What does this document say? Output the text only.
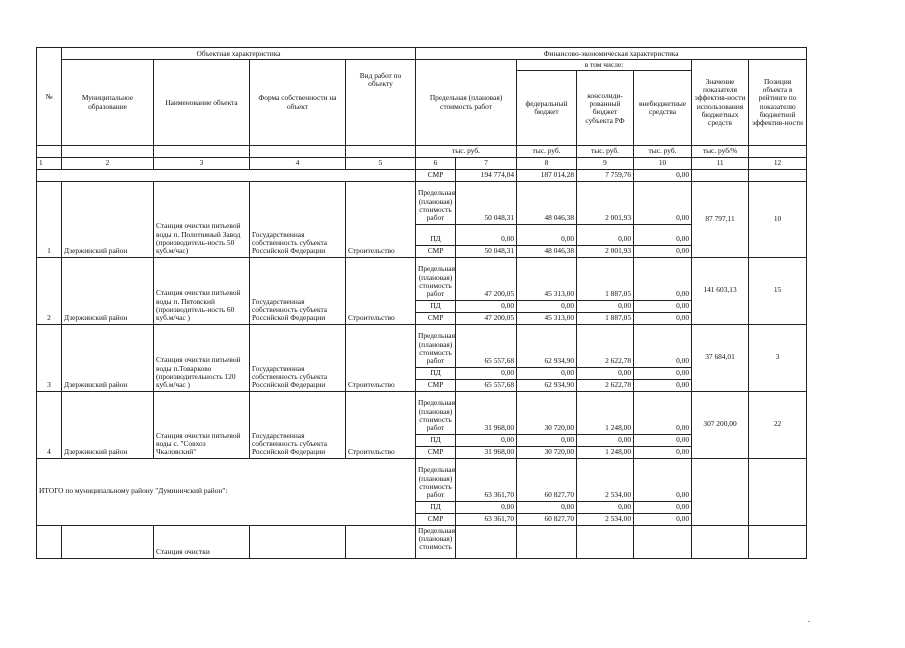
№	Объектная характеристика				Финансово-экономическая характеристика						
	Муниципальное образование	Наименование объекта	Форма собственности на объект	Вид работ по объекту	Предельная (плановая) стоимость работ		в том числе:			Значение показателя эффектив-ности использования бюджетных средств	Позиция объекта в рейтинге по показателю бюджетной эффектив-ности
							федеральный бюджет	консолиди-рованный бюджет субъекта РФ	внебюджетные средства		
					тыс. руб.		тыс. руб.	тыс. руб.	тыс. руб.	тыс. руб/%	
1	2	3	4	5	6	7	8	9	10	11	12
					СМР	194 774,04	187 014,28	7 759,76	0,00		
1	Дзержинский район	Станция очистки питьевой воды п. Полотняный Завод (производитель-ность 50 куб.м/час)	Государственная собственность субъекта Российской Федерации	Строительство	Предельная (плановая) стоимость работ	50 048,31	48 046,38	2 001,93	0,00	87 797,11	10
					ПД	0,00	0,00	0,00	0,00		
					СМР	50 048,31	48 046,38	2 001,93	0,00		
2	Дзержинский район	Станция очистки питьевой воды п. Пятовский (производитель-ность 60 куб.м/час )	Государственная собственность субъекта Российской Федерации	Строительство	Предельная (плановая) стоимость работ	47 200,05	45 313,00	1 887,05	0,00	141 603,13	15
					ПД	0,00	0,00	0,00	0,00		
					СМР	47 200,05	45 313,00	1 887,05	0,00		
3	Дзержинский район	Станция очистки питьевой воды п.Товарково (производительность 120 куб.м/час )	Государственная собственность субъекта Российской Федерации	Строительство	Предельная (плановая) стоимость работ	65 557,68	62 934,90	2 622,78	0,00	37 684,01	3
					ПД	0,00	0,00	0,00	0,00		
					СМР	65 557,68	62 934,90	2 622,78	0,00		
4	Дзержинский район	Станция очистки питьевой воды с. "Совхоз Чкаловский"	Государственная собственность субъекта Российской Федерации	Строительство	Предельная (плановая) стоимость работ	31 968,00	30 720,00	1 248,00	0,00	307 200,00	22
					ПД	0,00	0,00	0,00	0,00		
					СМР	31 968,00	30 720,00	1 248,00	0,00		
ИТОГО по муниципальному району "Думиничский район":					Предельная (плановая) стоимость работ	63 361,70	60 827,70	2 534,00	0,00		
					ПД	0,00	0,00	0,00	0,00		
					СМР	63 361,70	60 827,70	2 534,00	0,00		
		Станция очистки			Предельная (плановая) стоимость						
